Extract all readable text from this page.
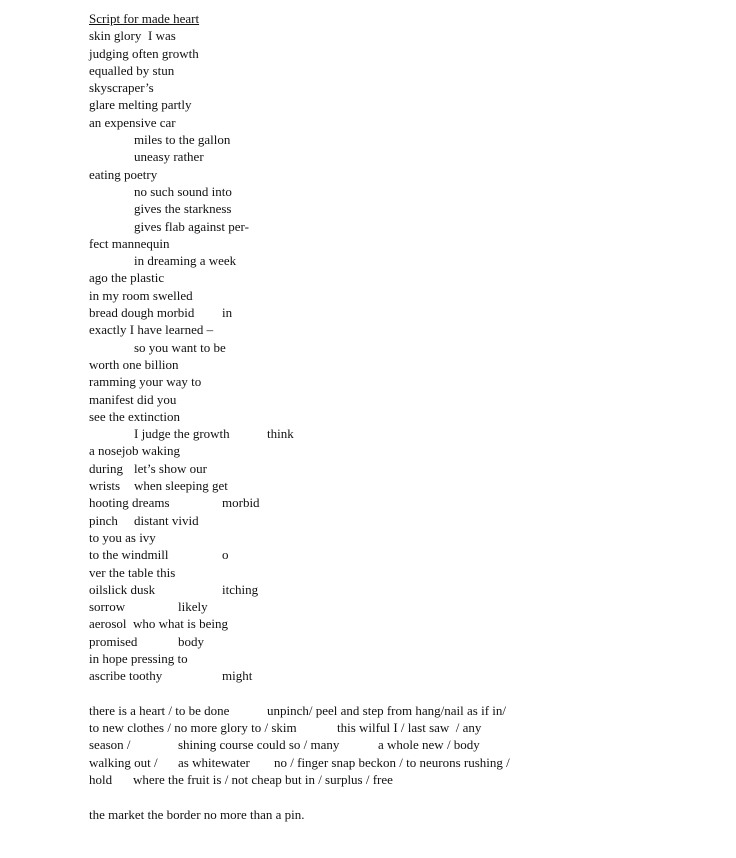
Script for made heart

skin glory I was
judging often growth
equalled by stun
skyscraper’s
glare melting partly
an expensive car
miles to the gallon
uneasy rather
eating poetry
no such sound into
gives the starkness
gives flab against per-
fect mannequin
in dreaming a week
ago the plastic
in my room swelled
bread dough morbid in
exactly I have learned –
so you want to be
worth one billion
ramming your way to
manifest did you
see the extinction
I judge the growth	think
a nosejob waking
during let’s show our
wrists when sleeping get
hooting dreams	morbid
pinch distant vivid
to you as ivy
to the windmill	o
ver the table this
oilslick dusk	itching
sorrow	likely
aerosol who what is being
promised	body
in hope pressing to
ascribe toothy	might
there is a heart / to be done	unpinch/ peel and step from hang/nail as if in/
to new clothes / no more glory to / skim	this wilful I / last saw  / any
season /	shining course could so / many	a whole new / body
walking out / as whitewater no / finger snap beckon / to neurons rushing /
hold where the fruit is / not cheap but in / surplus / free
the market the border no more than a pin.
